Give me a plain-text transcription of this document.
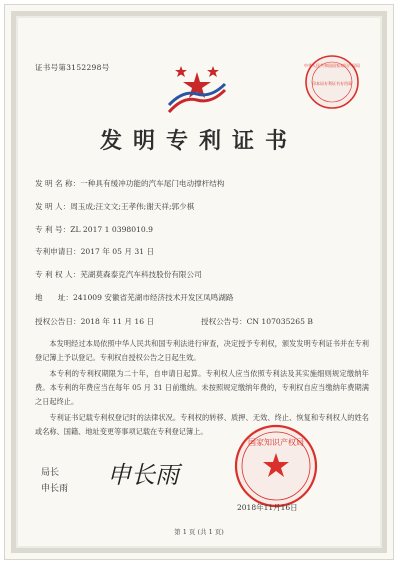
证书号第3152298号	中华人民共和国国家知识产权局
印本局专利证书专用章
发明专利证书
发 明 名 称：一种具有缓冲功能的汽车尾门电动撑杆结构
发 明 人：周玉成;汪文文;王孝伟;谢天祥;郭少棋
专 利 号：ZL 2017 1 0398010.9
专利申请日：2017 年 05 月 31 日
专 利 权 人：芜湖莫森泰克汽车科技股份有限公司
地　　址：241009 安徽省芜湖市经济技术开发区凤鸣湖路
授权公告日：2018 年 11 月 16 日	授权公告号：CN 107035265 B
本发明经过本局依照中华人民共和国专利法进行审查，决定授予专利权，颁发发明专利证书并在专利登记簿上予以登记。专利权自授权公告之日起生效。
本专利的专利权期限为二十年，自申请日起算。专利权人应当依照专利法及其实施细则规定缴纳年费。本专利的年费应当在每年 05 月 31 日前缴纳。未按照规定缴纳年费的，专利权自应当缴纳年费期满之日起终止。
专利证书记载专利权登记时的法律状况。专利权的转移、质押、无效、终止、恢复和专利权人的姓名或名称、国籍、地址变更等事项记载在专利登记簿上。
国家知识产权局
局长
申长雨 申长雨
2018年11月16日
第 1 页 (共 1 页)
